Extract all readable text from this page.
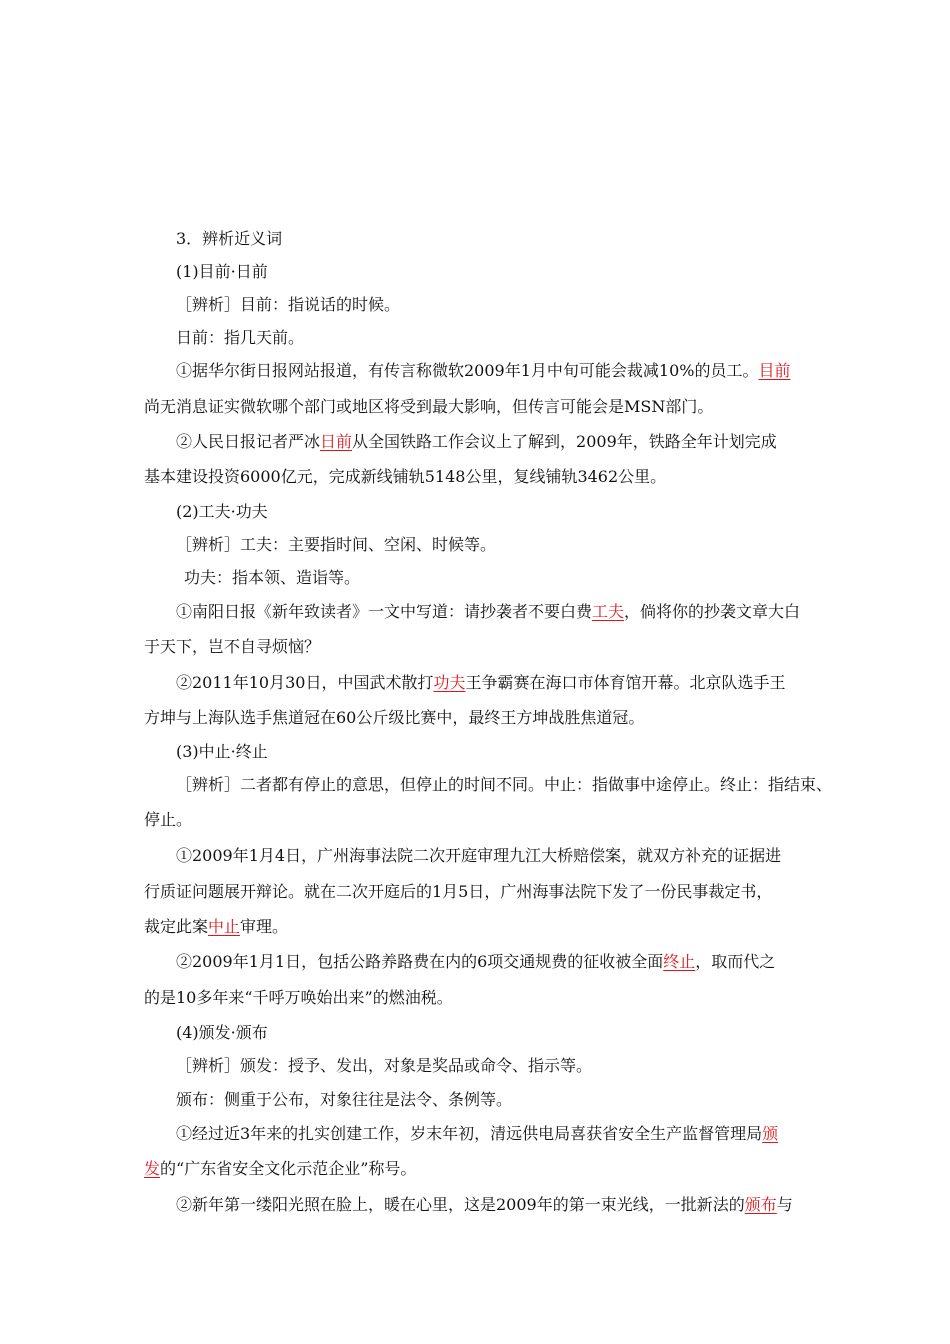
3．辨析近义词
(1)目前·日前
［辨析］目前：指说话的时候。
日前：指几天前。
①据华尔街日报网站报道，有传言称微软2009年1月中旬可能会裁减10%的员工。目前
尚无消息证实微软哪个部门或地区将受到最大影响，但传言可能会是MSN部门。
②人民日报记者严冰日前从全国铁路工作会议上了解到，2009年，铁路全年计划完成
基本建设投资6000亿元，完成新线铺轨5148公里，复线铺轨3462公里。
(2)工夫·功夫
［辨析］工夫：主要指时间、空闲、时候等。
功夫：指本领、造诣等。
①南阳日报《新年致读者》一文中写道：请抄袭者不要白费工夫，倘将你的抄袭文章大白
于天下，岂不自寻烦恼？
②2011年10月30日，中国武术散打功夫王争霸赛在海口市体育馆开幕。北京队选手王
方坤与上海队选手焦道冠在60公斤级比赛中，最终王方坤战胜焦道冠。
(3)中止·终止
［辨析］二者都有停止的意思，但停止的时间不同。中止：指做事中途停止。终止：指结束、
停止。
①2009年1月4日，广州海事法院二次开庭审理九江大桥赔偿案，就双方补充的证据进
行质证问题展开辩论。就在二次开庭后的1月5日，广州海事法院下发了一份民事裁定书，
裁定此案中止审理。
②2009年1月1日，包括公路养路费在内的6项交通规费的征收被全面终止，取而代之
的是10多年来“千呼万唤始出来”的燃油税。
(4)颁发·颁布
［辨析］颁发：授予、发出，对象是奖品或命令、指示等。
颁布：侧重于公布，对象往往是法令、条例等。
①经过近3年来的扎实创建工作，岁末年初，清远供电局喜获省安全生产监督管理局颁
发的“广东省安全文化示范企业”称号。
②新年第一缕阳光照在脸上，暖在心里，这是2009年的第一束光线，一批新法的颁布与
